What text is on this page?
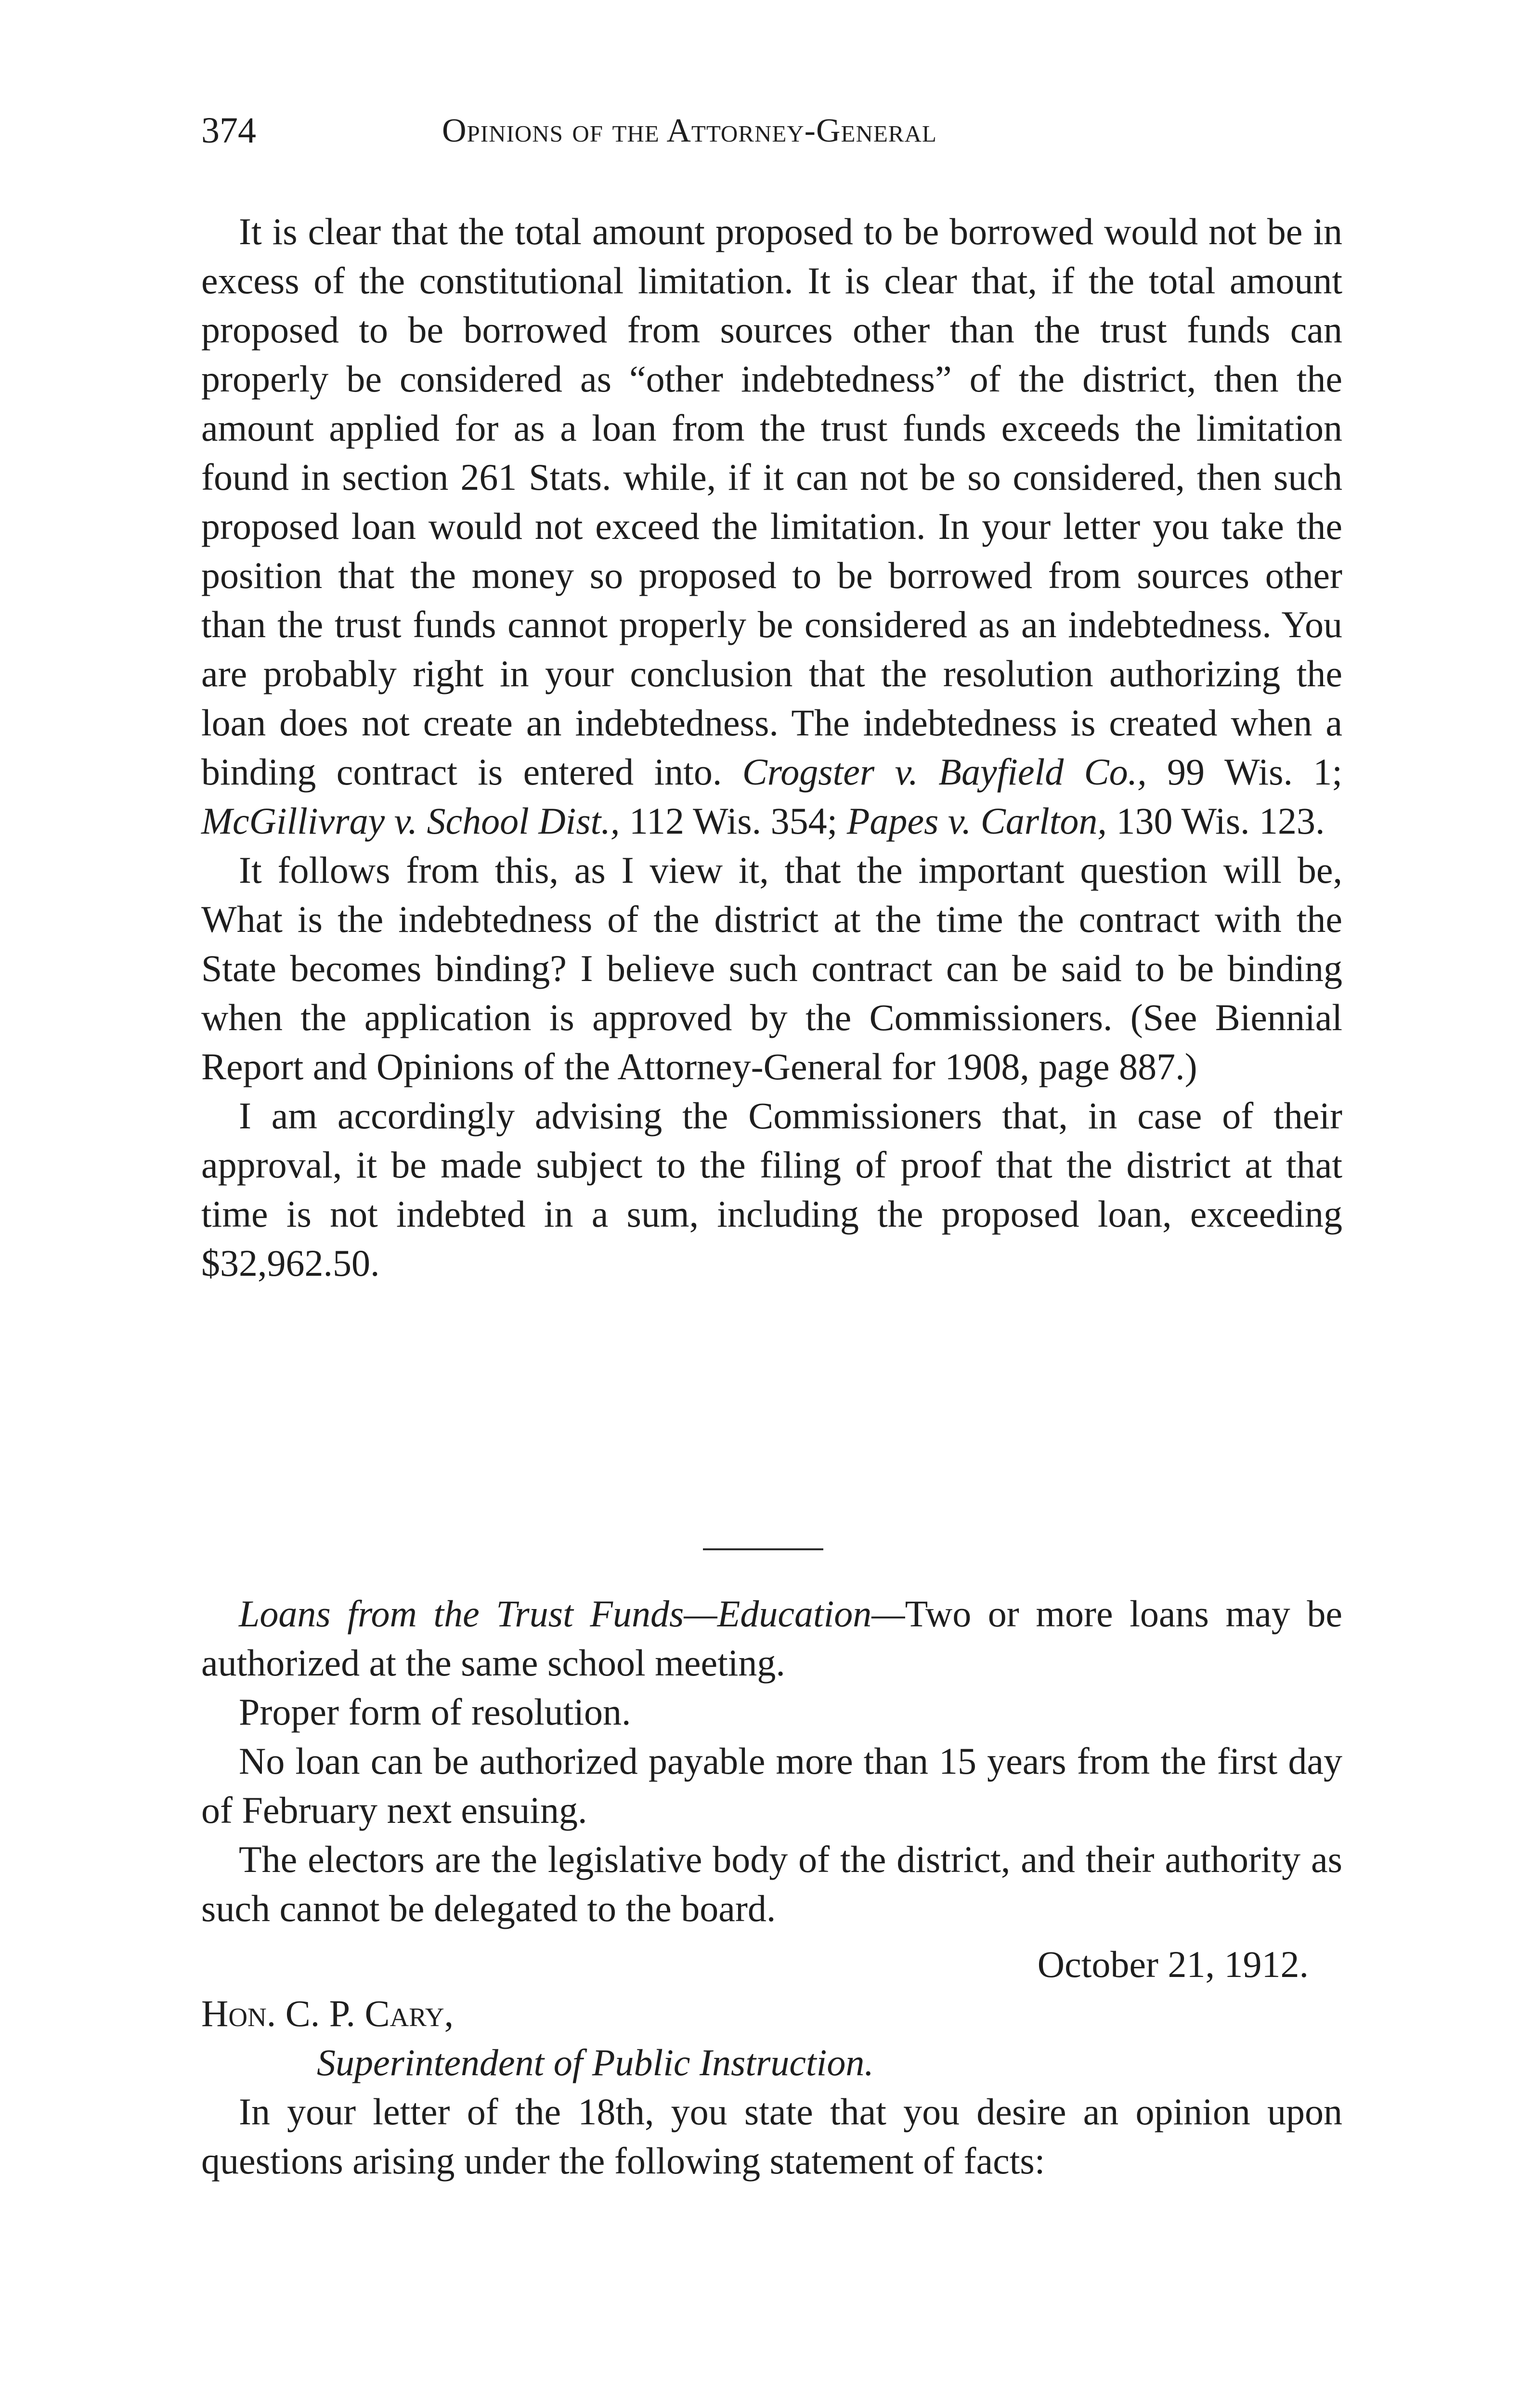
374	Opinions of the Attorney-General

It is clear that the total amount proposed to be borrowed would not be in excess of the constitutional limitation. It is clear that, if the total amount proposed to be borrowed from sources other than the trust funds can properly be considered as “other indebtedness” of the district, then the amount applied for as a loan from the trust funds exceeds the limitation found in section 261 Stats. while, if it can not be so considered, then such proposed loan would not exceed the limitation. In your letter you take the position that the money so proposed to be borrowed from sources other than the trust funds cannot properly be considered as an indebtedness. You are probably right in your conclusion that the resolution authorizing the loan does not create an indebtedness. The indebtedness is created when a binding contract is entered into. Crogster v. Bayfield Co., 99 Wis. 1; McGillivray v. School Dist., 112 Wis. 354; Papes v. Carlton, 130 Wis. 123.

It follows from this, as I view it, that the important question will be, What is the indebtedness of the district at the time the contract with the State becomes binding? I believe such contract can be said to be binding when the application is approved by the Commissioners. (See Biennial Report and Opinions of the Attorney-General for 1908, page 887.)

I am accordingly advising the Commissioners that, in case of their approval, it be made subject to the filing of proof that the district at that time is not indebted in a sum, including the proposed loan, exceeding $32,962.50.

Loans from the Trust Funds—Education—Two or more loans may be authorized at the same school meeting.

Proper form of resolution.

No loan can be authorized payable more than 15 years from the first day of February next ensuing.

The electors are the legislative body of the district, and their authority as such cannot be delegated to the board.

October 21, 1912.

Hon. C. P. Cary,

Superintendent of Public Instruction.

In your letter of the 18th, you state that you desire an opinion upon questions arising under the following statement of facts:
